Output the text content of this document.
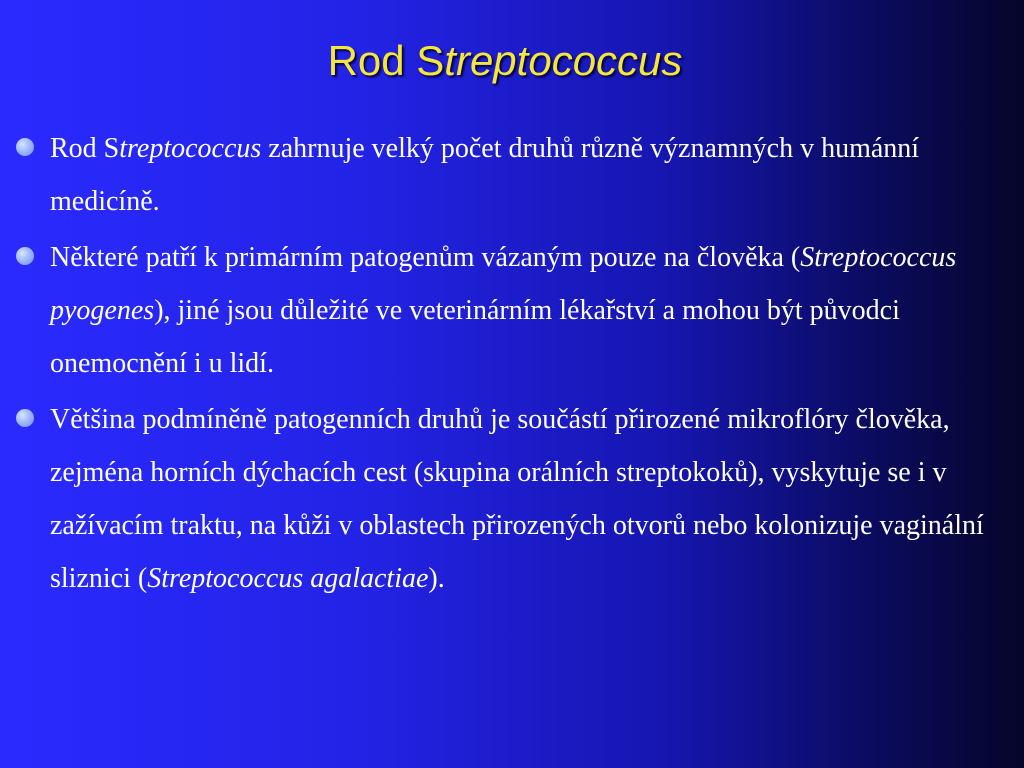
Rod Streptococcus
Rod Streptococcus zahrnuje velký počet druhů různě významných v humánní medicíně.
Některé patří k primárním patogenům vázaným pouze na člověka (Streptococcus pyogenes), jiné jsou důležité ve veterinárním lékařství a mohou být původci onemocnění i u lidí.
Většina podmíněně patogenních druhů je součástí přirozené mikroflóry člověka, zejména horních dýchacích cest (skupina orálních streptokoků), vyskytuje se i v zažívacím traktu, na kůži v oblastech přirozených otvorů nebo kolonizuje vaginální sliznici (Streptococcus agalactiae).
